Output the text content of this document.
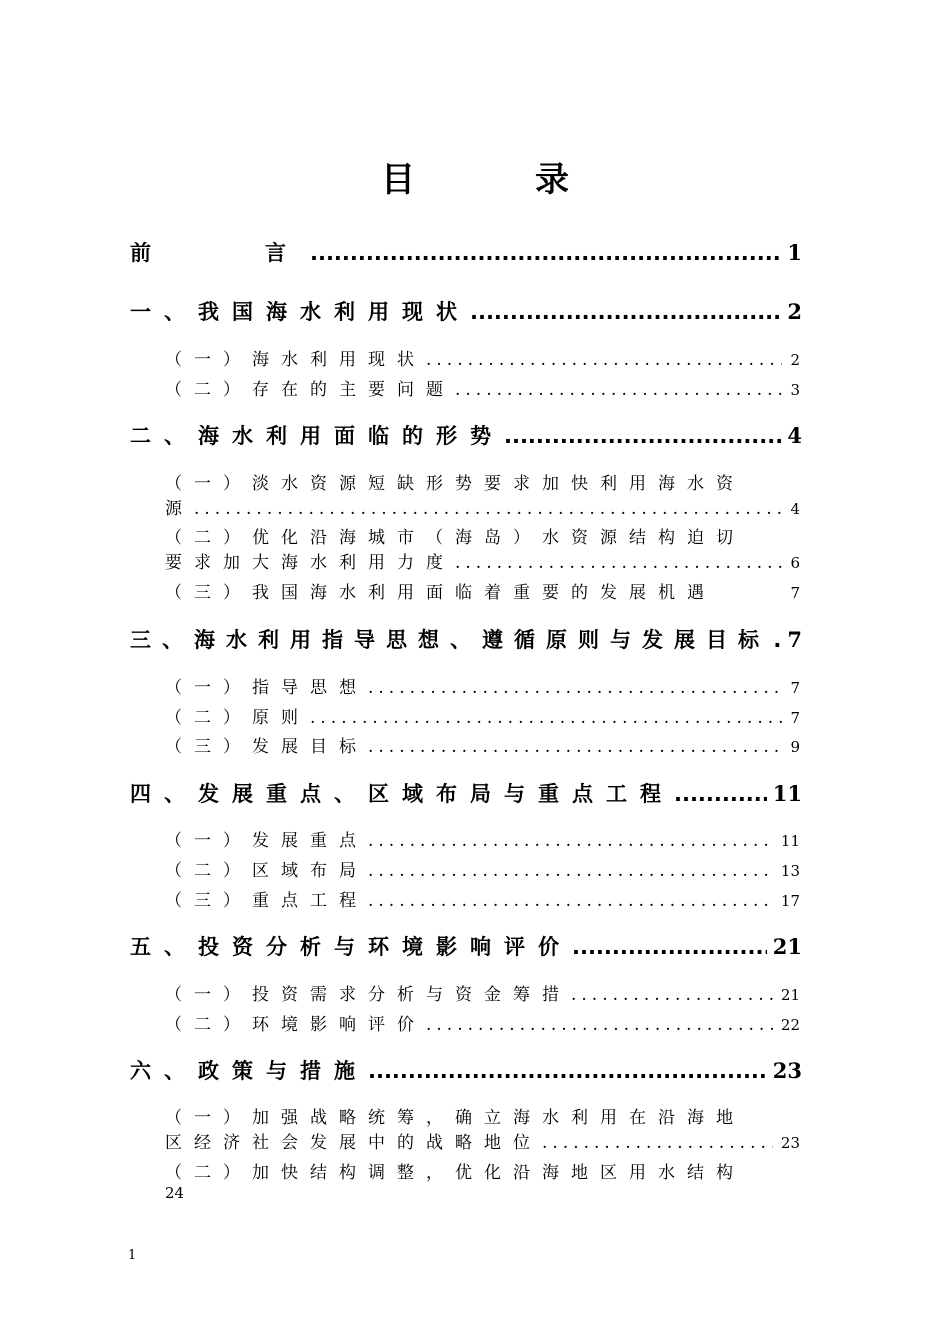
目	录
前　　言 .....	1
一、我国海水利用现状 .....	2
（一）海水利用现状 .....	2
（二）存在的主要问题 .....	3
二、海水利用面临的形势 .....	4
（一）淡水资源短缺形势要求加快利用海水资
源 .....	4
（二）优化沿海城市（海岛）水资源结构迫切
要求加大海水利用力度 .....	6
（三）我国海水利用面临着重要的发展机遇	7
三、海水利用指导思想、遵循原则与发展目标 . 7
（一）指导思想 .....	7
（二）原则 .....	7
（三）发展目标 .....	9
四、发展重点、区域布局与重点工程 .....	11
（一）发展重点 .....	11
（二）区域布局 .....	13
（三）重点工程 .....	17
五、投资分析与环境影响评价 .....	21
（一）投资需求分析与资金筹措 .....	21
（二）环境影响评价 .....	22
六、政策与措施 .....	23
（一）加强战略统筹，确立海水利用在沿海地
区经济社会发展中的战略地位 .....	23
（二）加快结构调整，优化沿海地区用水结构
24
1
